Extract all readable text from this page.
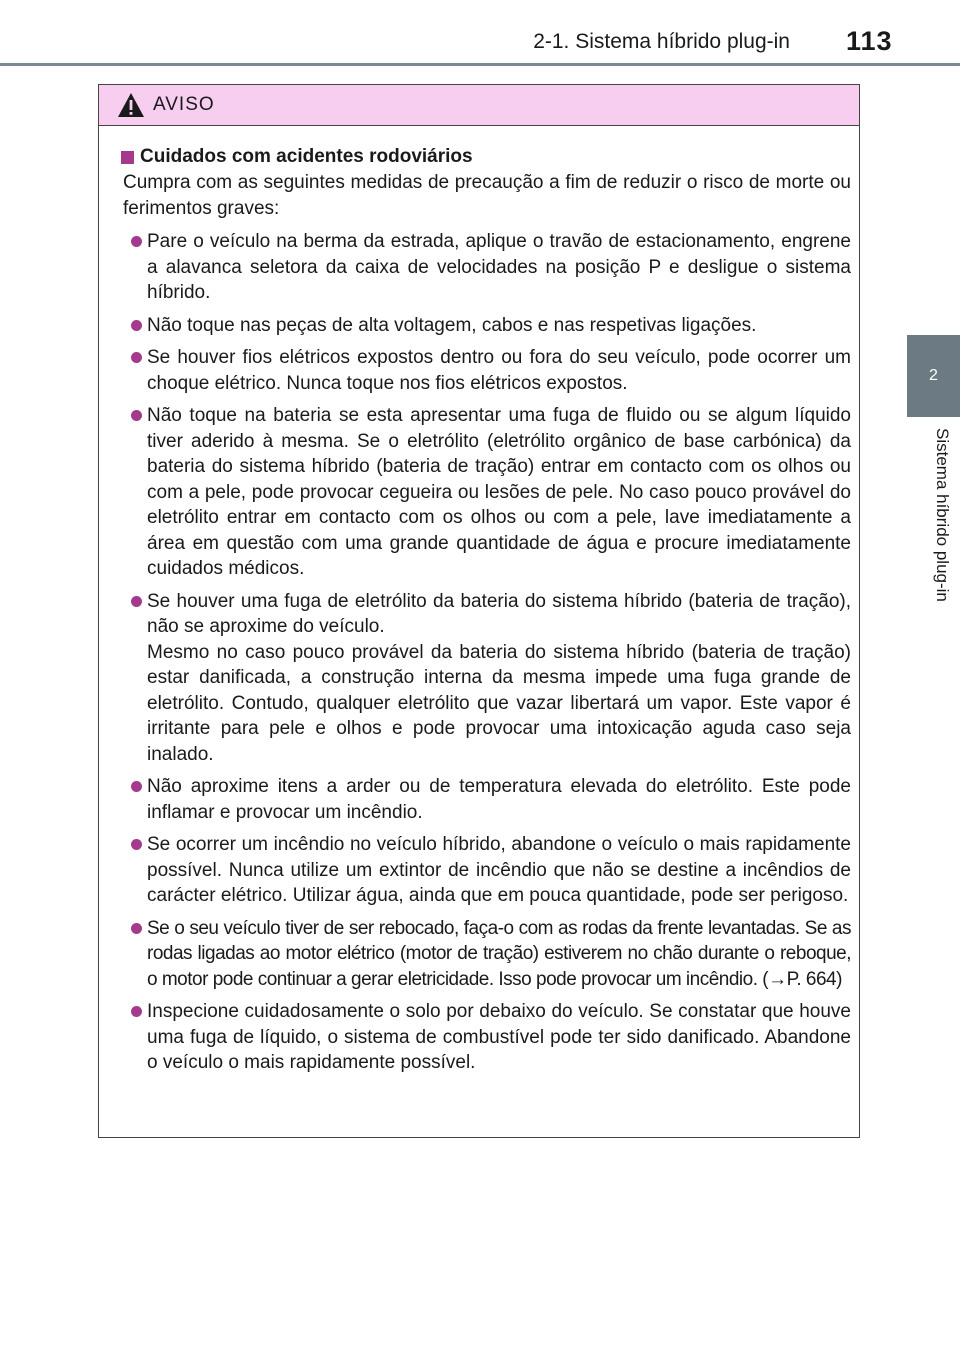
2-1. Sistema híbrido plug-in 113
2
Sistema híbrido plug-in
AVISO
Cuidados com acidentes rodoviários
Cumpra com as seguintes medidas de precaução a fim de reduzir o risco de morte ou ferimentos graves:
Pare o veículo na berma da estrada, aplique o travão de estacionamento, engrene a alavanca seletora da caixa de velocidades na posição P e desligue o sistema híbrido.
Não toque nas peças de alta voltagem, cabos e nas respetivas ligações.
Se houver fios elétricos expostos dentro ou fora do seu veículo, pode ocorrer um choque elétrico. Nunca toque nos fios elétricos expostos.
Não toque na bateria se esta apresentar uma fuga de fluido ou se algum líquido tiver aderido à mesma. Se o eletrólito (eletrólito orgânico de base carbónica) da bateria do sistema híbrido (bateria de tração) entrar em contacto com os olhos ou com a pele, pode provocar cegueira ou lesões de pele. No caso pouco provável do eletrólito entrar em contacto com os olhos ou com a pele, lave imediatamente a área em questão com uma grande quantidade de água e procure imediatamente cuidados médicos.
Se houver uma fuga de eletrólito da bateria do sistema híbrido (bateria de tração), não se aproxime do veículo.
Mesmo no caso pouco provável da bateria do sistema híbrido (bateria de tração) estar danificada, a construção interna da mesma impede uma fuga grande de eletrólito. Contudo, qualquer eletrólito que vazar libertará um vapor. Este vapor é irritante para pele e olhos e pode provocar uma intoxicação aguda caso seja inalado.
Não aproxime itens a arder ou de temperatura elevada do eletrólito. Este pode inflamar e provocar um incêndio.
Se ocorrer um incêndio no veículo híbrido, abandone o veículo o mais rapidamente possível. Nunca utilize um extintor de incêndio que não se destine a incêndios de carácter elétrico. Utilizar água, ainda que em pouca quantidade, pode ser perigoso.
Se o seu veículo tiver de ser rebocado, faça-o com as rodas da frente levantadas. Se as rodas ligadas ao motor elétrico (motor de tração) estiverem no chão durante o reboque, o motor pode continuar a gerar eletricidade. Isso pode provocar um incêndio. (→P. 664)
Inspecione cuidadosamente o solo por debaixo do veículo. Se constatar que houve uma fuga de líquido, o sistema de combustível pode ter sido danificado. Abandone o veículo o mais rapidamente possível.
